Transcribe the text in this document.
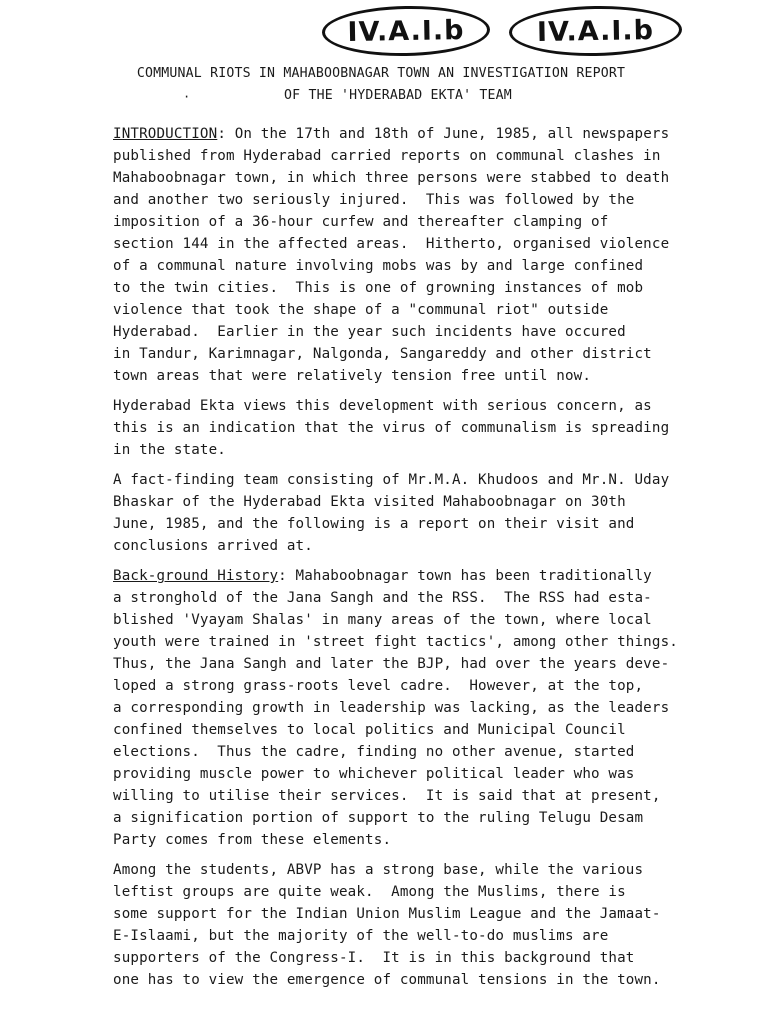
IV.A.I.b	IV.A.I.b
COMMUNAL RIOTS IN MAHABOOBNAGAR TOWN AN INVESTIGATION REPORT
OF THE 'HYDERABAD EKTA' TEAM
·
INTRODUCTION: On the 17th and 18th of June, 1985, all newspapers
published from Hyderabad carried reports on communal clashes in
Mahaboobnagar town, in which three persons were stabbed to death
and another two seriously injured.  This was followed by the
imposition of a 36-hour curfew and thereafter clamping of
section 144 in the affected areas.  Hitherto, organised violence
of a communal nature involving mobs was by and large confined
to the twin cities.  This is one of growning instances of mob
violence that took the shape of a "communal riot" outside
Hyderabad.  Earlier in the year such incidents have occured
in Tandur, Karimnagar, Nalgonda, Sangareddy and other district
town areas that were relatively tension free until now.
Hyderabad Ekta views this development with serious concern, as
this is an indication that the virus of communalism is spreading
in the state.
A fact-finding team consisting of Mr.M.A. Khudoos and Mr.N. Uday
Bhaskar of the Hyderabad Ekta visited Mahaboobnagar on 30th
June, 1985, and the following is a report on their visit and
conclusions arrived at.
Back-ground History: Mahaboobnagar town has been traditionally
a stronghold of the Jana Sangh and the RSS.  The RSS had esta-
blished 'Vyayam Shalas' in many areas of the town, where local
youth were trained in 'street fight tactics', among other things.
Thus, the Jana Sangh and later the BJP, had over the years deve-
loped a strong grass-roots level cadre.  However, at the top,
a corresponding growth in leadership was lacking, as the leaders
confined themselves to local politics and Municipal Council
elections.  Thus the cadre, finding no other avenue, started
providing muscle power to whichever political leader who was
willing to utilise their services.  It is said that at present,
a signification portion of support to the ruling Telugu Desam
Party comes from these elements.
Among the students, ABVP has a strong base, while the various
leftist groups are quite weak.  Among the Muslims, there is
some support for the Indian Union Muslim League and the Jamaat-
E-Islaami, but the majority of the well-to-do muslims are
supporters of the Congress-I.  It is in this background that
one has to view the emergence of communal tensions in the town.
